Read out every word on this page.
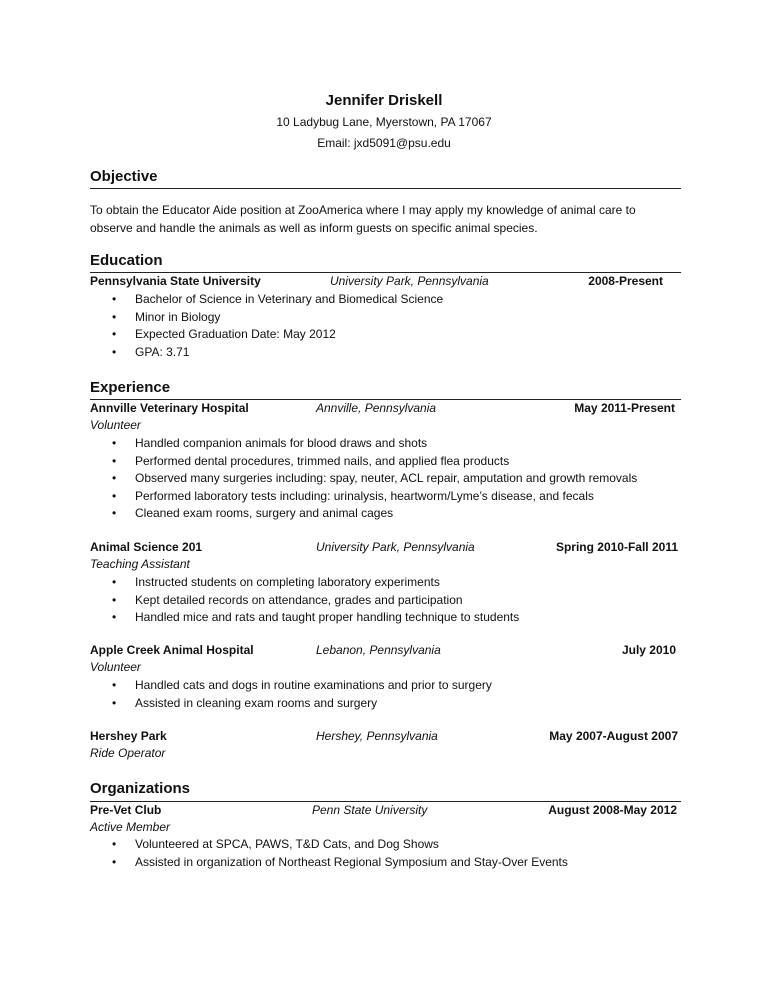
Jennifer Driskell
10 Ladybug Lane, Myerstown, PA 17067
Email: jxd5091@psu.edu
Objective
To obtain the Educator Aide position at ZooAmerica where I may apply my knowledge of animal care to observe and handle the animals as well as inform guests on specific animal species.
Education
Pennsylvania State University	University Park, Pennsylvania	2008-Present
• Bachelor of Science in Veterinary and Biomedical Science
• Minor in Biology
• Expected Graduation Date: May 2012
• GPA: 3.71
Experience
Annville Veterinary Hospital	Annville, Pennsylvania	May 2011-Present
Volunteer
• Handled companion animals for blood draws and shots
• Performed dental procedures, trimmed nails, and applied flea products
• Observed many surgeries including: spay, neuter, ACL repair, amputation and growth removals
• Performed laboratory tests including: urinalysis, heartworm/Lyme’s disease, and fecals
• Cleaned exam rooms, surgery and animal cages
Animal Science 201	University Park, Pennsylvania	Spring 2010-Fall 2011
Teaching Assistant
• Instructed students on completing laboratory experiments
• Kept detailed records on attendance, grades and participation
• Handled mice and rats and taught proper handling technique to students
Apple Creek Animal Hospital	Lebanon, Pennsylvania	July 2010
Volunteer
• Handled cats and dogs in routine examinations and prior to surgery
• Assisted in cleaning exam rooms and surgery
Hershey Park	Hershey, Pennsylvania	May 2007-August 2007
Ride Operator
Organizations
Pre-Vet Club	Penn State University	August 2008-May 2012
Active Member
• Volunteered at SPCA, PAWS, T&D Cats, and Dog Shows
• Assisted in organization of Northeast Regional Symposium and Stay-Over Events
